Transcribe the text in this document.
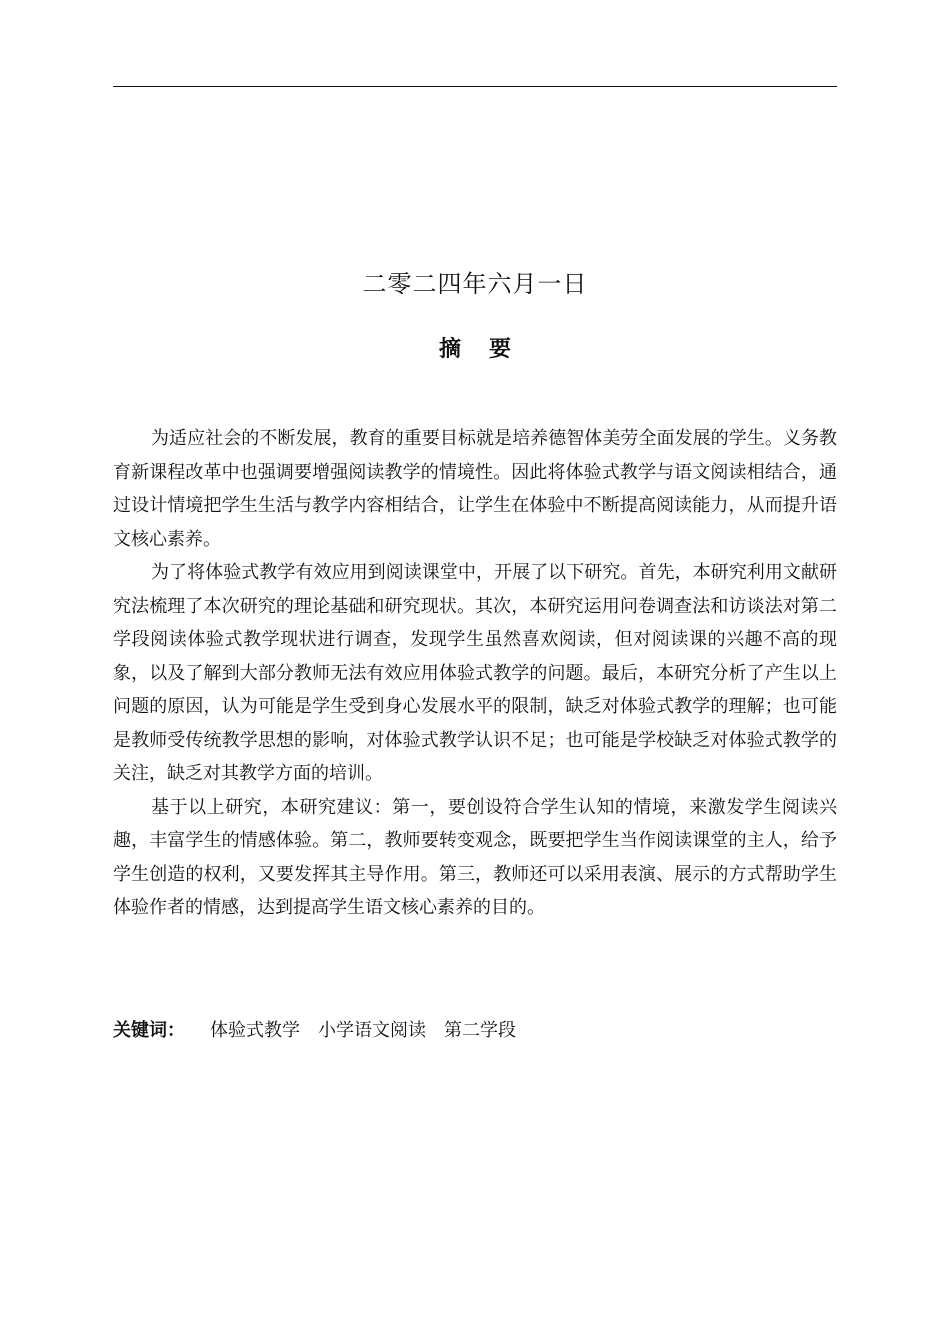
二零二四年六月一日
摘 要

为适应社会的不断发展，教育的重要目标就是培养德智体美劳全面发展的学生。义务教育新课程改革中也强调要增强阅读教学的情境性。因此将体验式教学与语文阅读相结合，通过设计情境把学生生活与教学内容相结合，让学生在体验中不断提高阅读能力，从而提升语文核心素养。

为了将体验式教学有效应用到阅读课堂中，开展了以下研究。首先，本研究利用文献研究法梳理了本次研究的理论基础和研究现状。其次，本研究运用问卷调查法和访谈法对第二学段阅读体验式教学现状进行调查，发现学生虽然喜欢阅读，但对阅读课的兴趣不高的现象，以及了解到大部分教师无法有效应用体验式教学的问题。最后，本研究分析了产生以上问题的原因，认为可能是学生受到身心发展水平的限制，缺乏对体验式教学的理解；也可能是教师受传统教学思想的影响，对体验式教学认识不足；也可能是学校缺乏对体验式教学的关注，缺乏对其教学方面的培训。

基于以上研究，本研究建议：第一，要创设符合学生认知的情境，来激发学生阅读兴趣，丰富学生的情感体验。第二，教师要转变观念，既要把学生当作阅读课堂的主人，给予学生创造的权利，又要发挥其主导作用。第三，教师还可以采用表演、展示的方式帮助学生体验作者的情感，达到提高学生语文核心素养的目的。

关键词： 体验式教学 小学语文阅读 第二学段
